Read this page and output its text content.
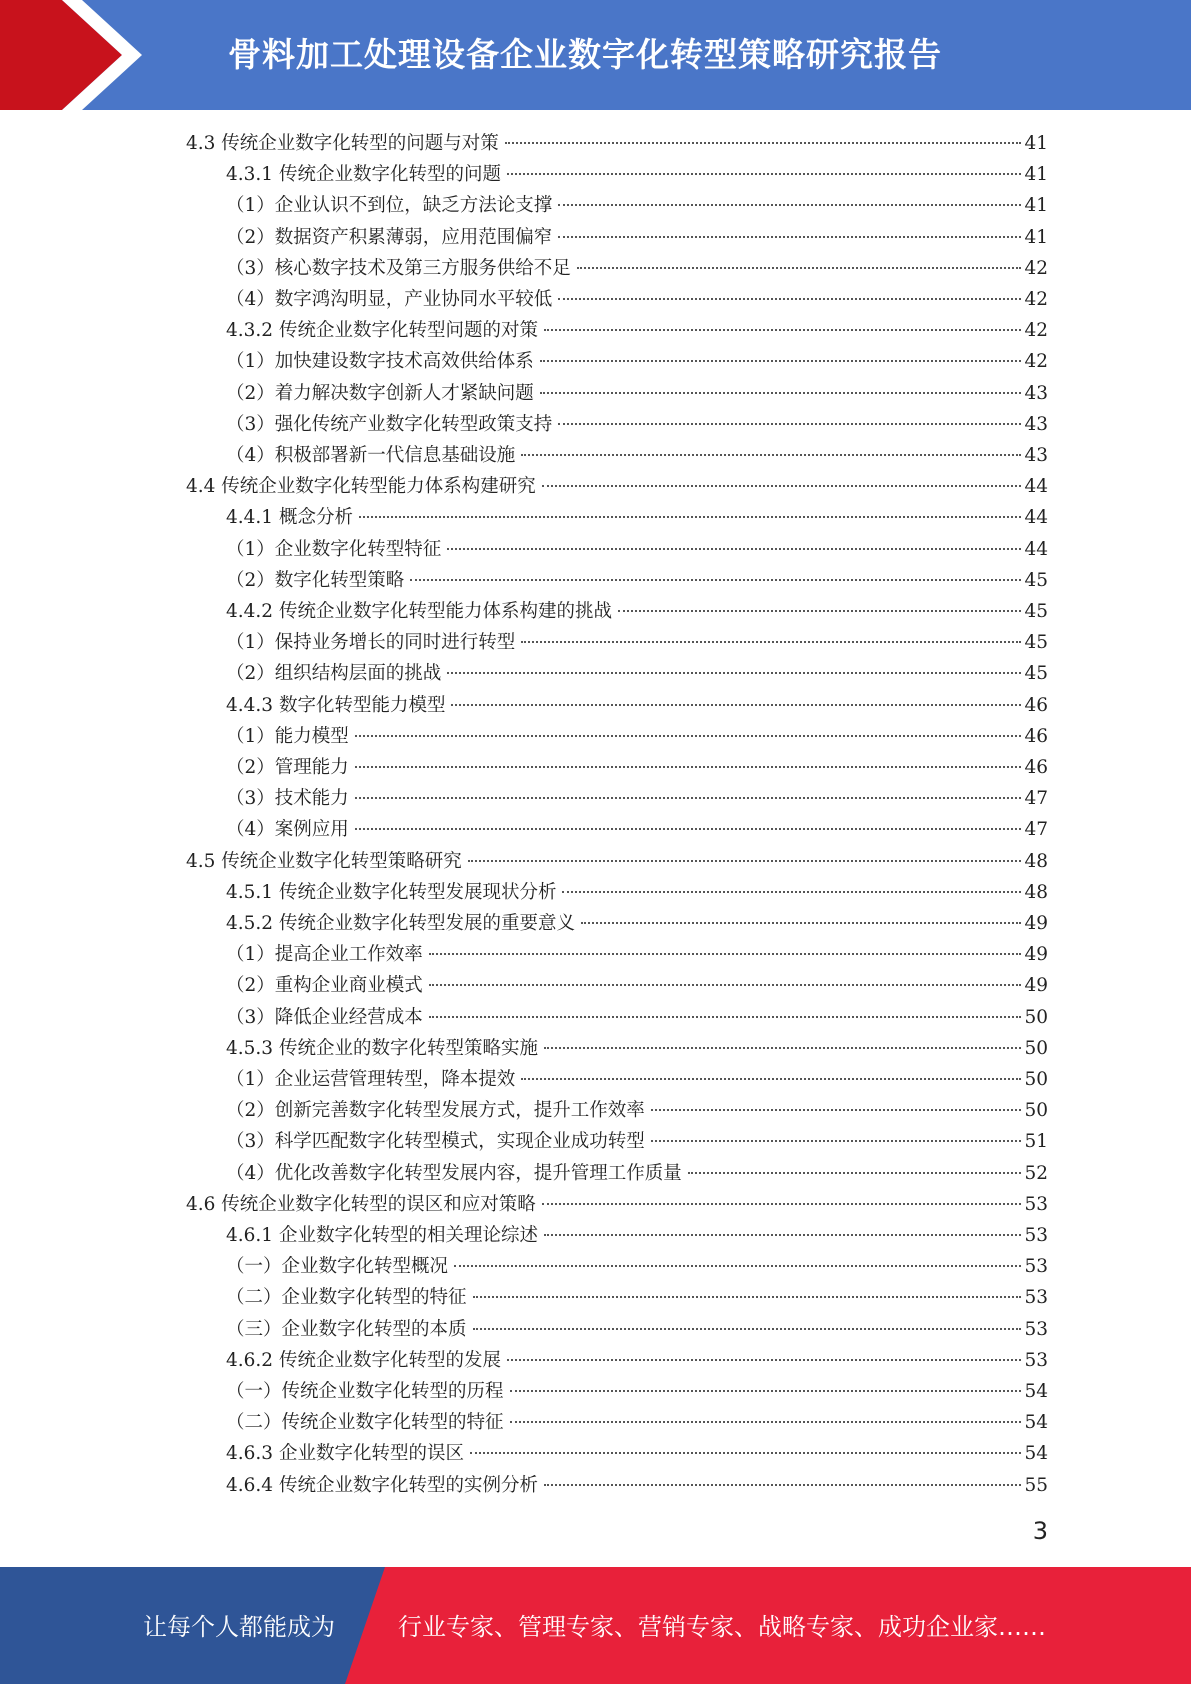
骨料加工处理设备企业数字化转型策略研究报告
4.3 传统企业数字化转型的问题与对策	41
4.3.1 传统企业数字化转型的问题	41
（1）企业认识不到位，缺乏方法论支撑	41
（2）数据资产积累薄弱，应用范围偏窄	41
（3）核心数字技术及第三方服务供给不足	42
（4）数字鸿沟明显，产业协同水平较低	42
4.3.2 传统企业数字化转型问题的对策	42
（1）加快建设数字技术高效供给体系	42
（2）着力解决数字创新人才紧缺问题	43
（3）强化传统产业数字化转型政策支持	43
（4）积极部署新一代信息基础设施	43
4.4 传统企业数字化转型能力体系构建研究	44
4.4.1 概念分析	44
（1）企业数字化转型特征	44
（2）数字化转型策略	45
4.4.2 传统企业数字化转型能力体系构建的挑战	45
（1）保持业务增长的同时进行转型	45
（2）组织结构层面的挑战	45
4.4.3 数字化转型能力模型	46
（1）能力模型	46
（2）管理能力	46
（3）技术能力	47
（4）案例应用	47
4.5 传统企业数字化转型策略研究	48
4.5.1 传统企业数字化转型发展现状分析	48
4.5.2 传统企业数字化转型发展的重要意义	49
（1）提高企业工作效率	49
（2）重构企业商业模式	49
（3）降低企业经营成本	50
4.5.3 传统企业的数字化转型策略实施	50
（1）企业运营管理转型，降本提效	50
（2）创新完善数字化转型发展方式，提升工作效率	50
（3）科学匹配数字化转型模式，实现企业成功转型	51
（4）优化改善数字化转型发展内容，提升管理工作质量	52
4.6 传统企业数字化转型的误区和应对策略	53
4.6.1 企业数字化转型的相关理论综述	53
（一）企业数字化转型概况	53
（二）企业数字化转型的特征	53
（三）企业数字化转型的本质	53
4.6.2 传统企业数字化转型的发展	53
（一）传统企业数字化转型的历程	54
（二）传统企业数字化转型的特征	54
4.6.3 企业数字化转型的误区	54
4.6.4 传统企业数字化转型的实例分析	55
3
让每个人都能成为	行业专家、管理专家、营销专家、战略专家、成功企业家……
